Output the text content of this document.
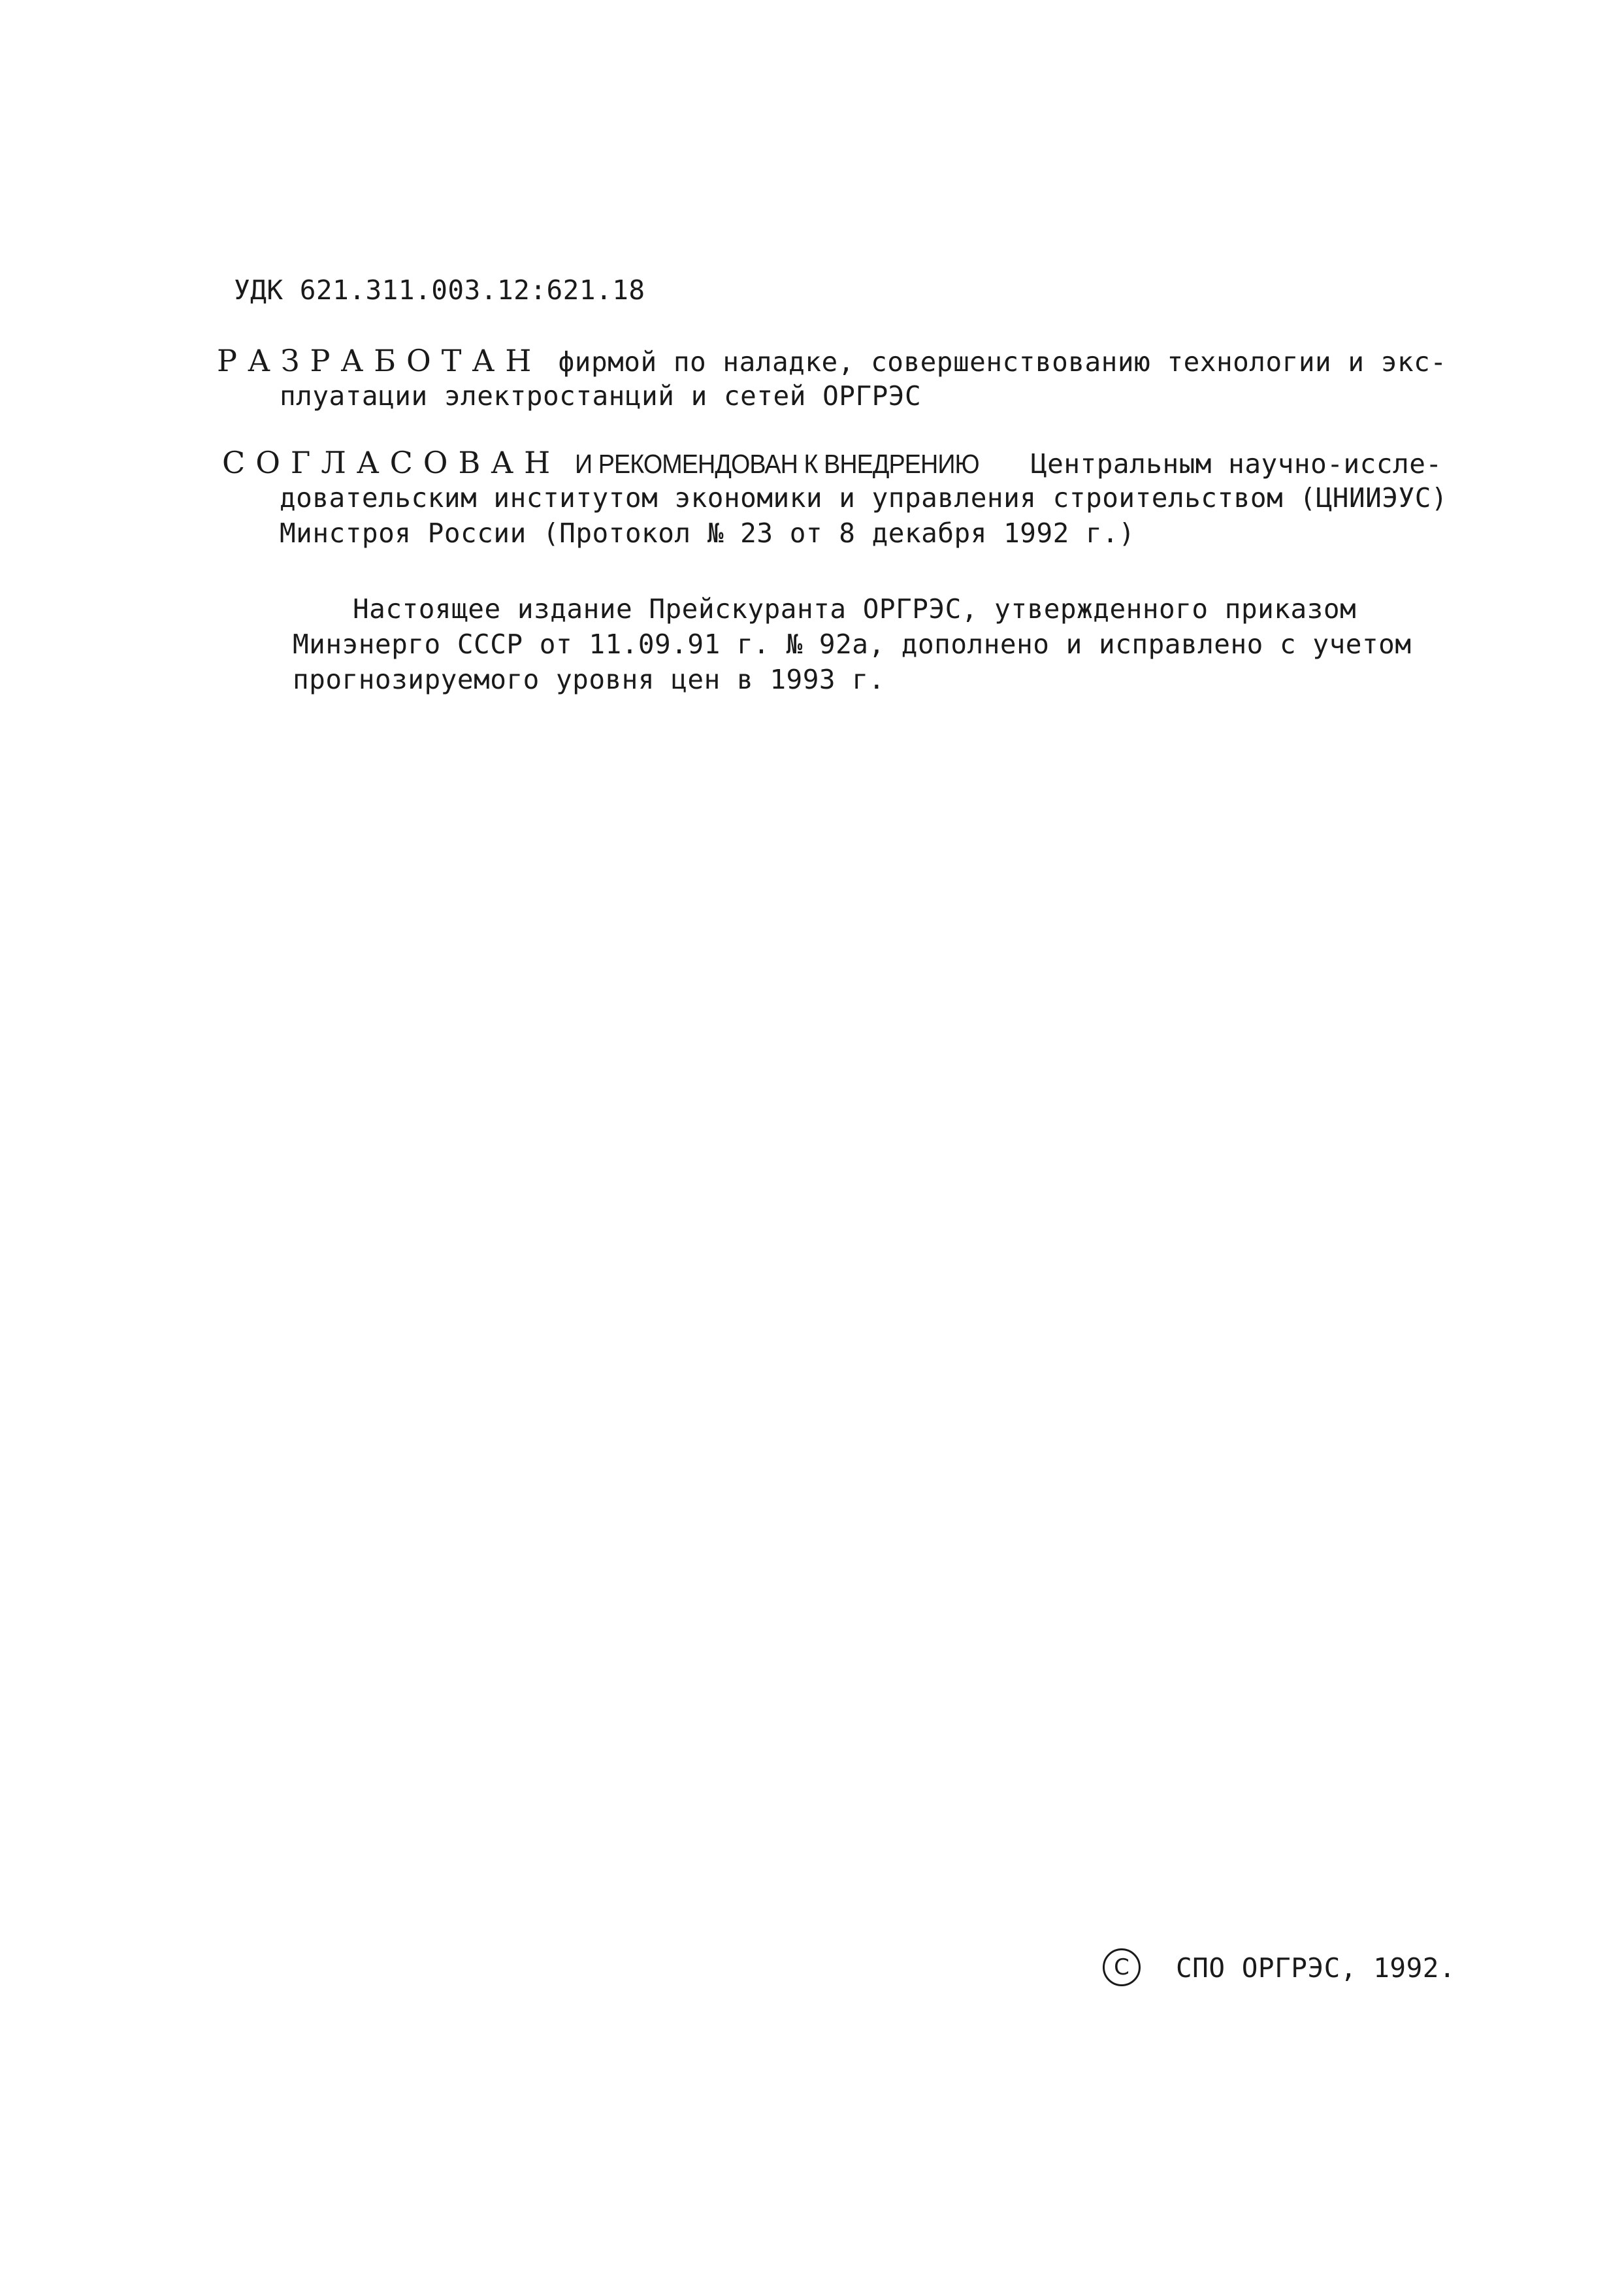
УДК 621.311.003.12:621.18
РАЗРАБОТАН фирмой по наладке, совершенствованию технологии и экс-
плуатации электростанций и сетей ОРГРЭС
СОГЛАСОВАН И РЕКОМЕНДОВАН К ВНЕДРЕНИЮ Центральным научно-иссле-
довательским институтом экономики и управления строительством (ЦНИИЭУС)
Минстроя России (Протокол № 23 от 8 декабря 1992 г.)
Настоящее издание Прейскуранта ОРГРЭС, утвержденного приказом
Минэнерго СССР от 11.09.91 г. № 92а, дополнено и исправлено с учетом
прогнозируемого уровня цен в 1993 г.
C СПО ОРГРЭС, 1992.
